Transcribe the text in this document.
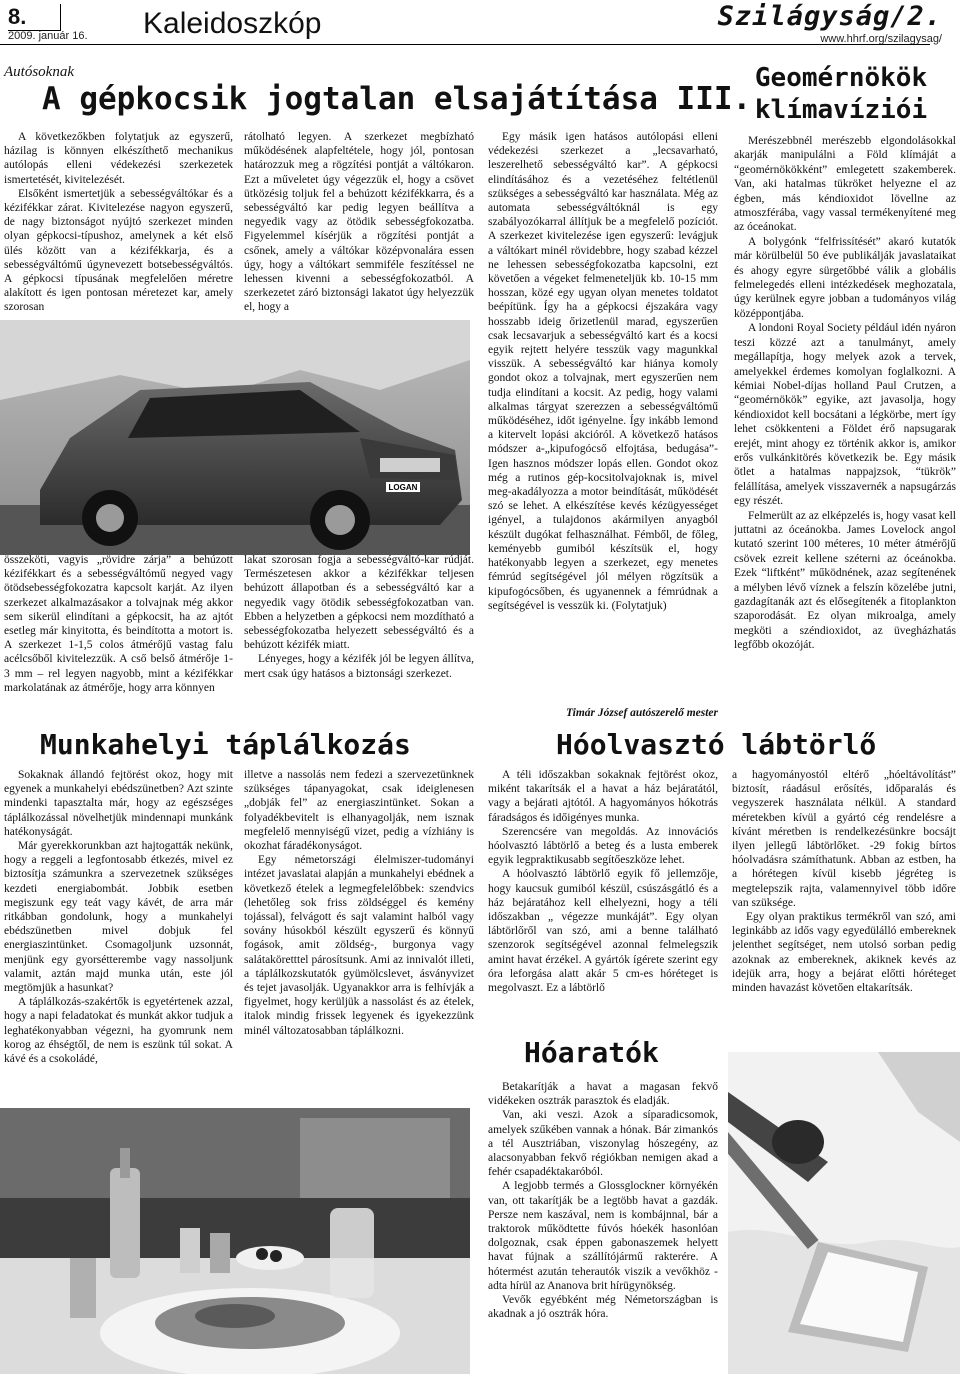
8.
2009. január 16. Kaleidoszkóp	Szilágyság/2.
www.hhrf.org/szilagysag/
Autósoknak
A gépkocsik jogtalan elsajátítása III.

A következőkben folytatjuk az egyszerű, házilag is könnyen elkészíthető mechanikus autólopás elleni védekezési szerkezetek ismertetését, kivitelezését.

Elsőként ismertetjük a sebességváltókar és a kézifékkar zárat. Kivitelezése nagyon egyszerű, de nagy biztonságot nyújtó szerkezet minden olyan gépkocsi-típushoz, amelynek a két első ülés között van a kézifékkarja, és a sebességváltómű úgynevezett botsebességváltós. A gépkocsi típusának megfelelően méretre alakított és igen pontosan méretezet kar, amely szorosan

rátolható legyen. A szerkezet megbízható működésének alapfeltétele, hogy jól, pontosan határozzuk meg a rögzítési pontját a váltókaron. Ezt a műveletet úgy végezzük el, hogy a csövet ütközésig toljuk fel a behúzott kézifékkarra, és a sebességváltó kar pedig legyen beállítva a negyedik vagy az ötödik sebességfokozatba. Figyelemmel kísérjük a rögzítési pontját a csőnek, amely a váltókar középvonalára essen úgy, hogy a váltókart semmiféle feszítéssel ne lehessen kivenni a sebességfokozatból. A szerkezetet záró biztonsági lakatot úgy helyezzük el, hogy a

LOGAN

összeköti, vagyis „rövidre zárja” a behúzott kézifékkart és a sebességváltómű negyed vagy ötödsebességfokozatra kapcsolt karját. Az ilyen szerkezet alkalmazásakor a tolvajnak még akkor sem sikerül elindítani a gépkocsit, ha az ajtót esetleg már kinyitotta, és beindította a motort is. A szerkezet 1-1,5 colos átmérőjű vastag falu acélcsőből kivitelezzük. A cső belső átmérője 1- 3 mm – rel legyen nagyobb, mint a kézifékkar markolatának az átmérője, hogy arra könnyen

lakat szorosan fogja a sebességváltó-kar rúdját. Természetesen akkor a kézifékkar teljesen behúzott állapotban és a sebességváltó kar a negyedik vagy ötödik sebességfokozatban van. Ebben a helyzetben a gépkocsi nem mozdítható a sebességfokozatba helyezett sebességváltó és a behúzott kézifék miatt.

Lényeges, hogy a kézifék jól be legyen állítva, mert csak úgy hatásos a biztonsági szerkezet.

Egy másik igen hatásos autólopási elleni védekezési szerkezet a „lecsavarható, leszerelhető sebességváltó kar”. A gépkocsi elindításához és a vezetéséhez feltétlenül szükséges a sebességváltó kar használata. Még az automata sebességváltóknál is egy szabályozókarral állítjuk be a megfelelő pozíciót. A szerkezet kivitelezése igen egyszerű: levágjuk a váltókart minél rövidebbre, hogy szabad kézzel ne lehessen sebességfokozatba kapcsolni, ezt követően a végeket felmeneteljük kb. 10-15 mm hosszan, közé egy ugyan olyan menetes toldatot beépítünk. Így ha a gépkocsi éjszakára vagy hosszabb ideig őrizetlenül marad, egyszerűen csak lecsavarjuk a sebességváltó kart és a kocsi egyik rejtett helyére tesszük vagy magunkkal visszük. A sebességváltó kar hiánya komoly gondot okoz a tolvajnak, mert egyszerűen nem tudja elindítani a kocsit. Az pedig, hogy valami alkalmas tárgyat szerezzen a sebességváltómű működéséhez, időt igényelne. Így inkább lemond a kitervelt lopási akcióról. A következő hatásos módszer a-„kipufogócső elfojtása, bedugása”- Igen hasznos módszer lopás ellen. Gondot okoz még a rutinos gép-kocsitolvajoknak is, mivel meg-akadályozza a motor beindítását, működését szó se lehet. A elkészítése kevés kézügyességet igényel, a tulajdonos akármilyen anyagból készült dugókat felhasználhat. Fémből, de főleg, keményebb gumiból készítsük el, hogy hatékonyabb legyen a szerkezet, egy menetes fémrúd segítségével jól mélyen rögzítsük a kipufogócsőben, és ugyanennek a fémrúdnak a segítségével is vesszük ki. (Folytatjuk)

Timár József autószerelő mester
Geomérnökök klímavíziói

Merészebbnél merészebb elgondolásokkal akarják manipulálni a Föld klímáját a “geomérnökökként” emlegetett szakemberek. Van, aki hatalmas tükröket helyezne el az égben, más kéndioxidot lövellne az atmoszférába, vagy vassal termékenyítené meg az óceánokat.

A bolygónk “felfrissítését” akaró kutatók már körülbelül 50 éve publikálják javaslataikat és ahogy egyre sürgetőbbé válik a globális felmelegedés elleni intézkedések meghozatala, úgy kerülnek egyre jobban a tudományos világ középpontjába.

A londoni Royal Society például idén nyáron teszi közzé azt a tanulmányt, amely megállapítja, hogy melyek azok a tervek, amelyekkel érdemes komolyan foglalkozni. A kémiai Nobel-díjas holland Paul Crutzen, a “geomérnökök” egyike, azt javasolja, hogy kéndioxidot kell bocsátani a légkörbe, mert így lehet csökkenteni a Földet érő napsugarak erejét, mint ahogy ez történik akkor is, amikor erős vulkánkitörés következik be. Egy másik ötlet a hatalmas nappajzsok, “tükrök” felállítása, amelyek visszavernék a napsugárzás egy részét.

Felmerült az az elképzelés is, hogy vasat kell juttatni az óceánokba. James Lovelock angol kutató szerint 100 méteres, 10 méter átmérőjű csövek ezreit kellene széterni az óceánokba. Ezek “liftként” működnének, azaz segítenének a mélyben lévő víznek a felszín közelébe jutni, gazdagítanák azt és elősegítenék a fitoplankton szaporodását. Ez olyan mikroalga, amely megköti a széndioxidot, az üvegházhatás legfőbb okozóját.

Munkahelyi táplálkozás	Hóolvasztó lábtörlő

Sokaknak állandó fejtörést okoz, hogy mit egyenek a munkahelyi ebédszünetben? Azt szinte mindenki tapasztalta már, hogy az egészséges táplálkozással növelhetjük mindennapi munkánk hatékonyságát.

Már gyerekkorunkban azt hajtogatták nekünk, hogy a reggeli a legfontosabb étkezés, mivel ez biztosítja számunkra a szervezetnek szükséges kezdeti energiabombát. Jobbik esetben megiszunk egy teát vagy kávét, de arra már ritkábban gondolunk, hogy a munkahelyi ebédszünetben mivel dobjuk fel energiaszintünket. Csomagoljunk uzsonnát, menjünk egy gyorsétterembe vagy nassoljunk valamit, aztán majd munka után, este jól megtömjük a hasunkat?

A táplálkozás-szakértők is egyetértenek azzal, hogy a napi feladatokat és munkát akkor tudjuk a leghatékonyabban végezni, ha gyomrunk nem korog az éhségtől, de nem is eszünk túl sokat. A kávé és a csokoládé,

illetve a nassolás nem fedezi a szervezetünknek szükséges tápanyagokat, csak ideiglenesen „dobják fel” az energiaszintünket. Sokan a folyadékbevitelt is elhanyagolják, nem isznak megfelelő mennyiségű vizet, pedig a vízhiány is okozhat fáradékonyságot.

Egy németországi élelmiszer-tudományi intézet javaslatai alapján a munkahelyi ebédnek a következő ételek a legmegfelelőbbek: szendvics (lehetőleg sok friss zöldséggel és kemény tojással), felvágott és sajt valamint halból vagy sovány húsokból készült egyszerű és könnyű fogások, amit zöldség-, burgonya vagy salátaköretttel párosítsunk. Ami az innivalót illeti, a táplálkozskutatók gyümölcslevet, ásványvizet és tejet javasolják. Ugyanakkor arra is felhívják a figyelmet, hogy kerüljük a nassolást és az ételek, italok mindig frissek legyenek és igyekezzünk minél változatosabban táplálkozni.

A téli időszakban sokaknak fejtörést okoz, miként takarítsák el a havat a ház bejáratától, vagy a bejárati ajtótól. A hagyományos hókotrás fáradságos és időigényes munka.

Szerencsére van megoldás. Az innovációs hóolvasztó lábtörlő a beteg és a lusta emberek egyik legpraktikusabb segítőeszköze lehet.

A hóolvasztó lábtörlő egyik fő jellemzője, hogy kaucsuk gumiból készül, csúszásgátló és a ház bejáratához kell elhelyezni, hogy a téli időszakban „ végezze munkáját”. Egy olyan lábtörlőről van szó, ami a benne található szenzorok segítségével azonnal felmelegszik amint havat érzékel. A gyártók ígérete szerint egy óra leforgása alatt akár 5 cm-es hóréteget is megolvaszt. Ez a lábtörlő

a hagyományostól eltérő „hóeltávolítást” biztosít, ráadásul erősítés, időparalás és vegyszerek használata nélkül. A standard méretekben kívül a gyártó cég rendelésre a kívánt méretben is rendelkezésünkre bocsájt ilyen jellegű lábtörlőket. -29 fokig bírtos hóolvadásra számíthatunk. Abban az estben, ha a hórétegen kívül kisebb jégréteg is megtelepszik rajta, valamennyivel több időre van szüksége.

Egy olyan praktikus termékről van szó, ami leginkább az idős vagy egyedülálló embereknek jelenthet segítséget, nem utolsó sorban pedig azoknak az embereknek, akiknek kevés az idejük arra, hogy a bejárat előtti hóréteget minden havazást követően eltakarítsák.

Hóaratók

Betakarítják a havat a magasan fekvő vidékeken osztrák parasztok és eladják.

Van, aki veszi. Azok a síparadicsomok, amelyek szűkében vannak a hónak. Bár zimankós a tél Ausztriában, viszonylag hószegény, az alacsonyabban fekvő régiókban nemigen akad a fehér csapadéktakaróból.

A legjobb termés a Glossglockner környékén van, ott takarítják be a legtöbb havat a gazdák. Persze nem kaszával, nem is kombájnnal, bár a traktorok működtette fúvós hóekék hasonlóan dolgoznak, csak éppen gabonaszemek helyett havat fújnak a szállítójármű rakterére. A hótermést azután teherautók viszik a vevőkhöz - adta hírül az Ananova brit hírügynökség.

Vevők egyébként még Németországban is akadnak a jó osztrák hóra.
